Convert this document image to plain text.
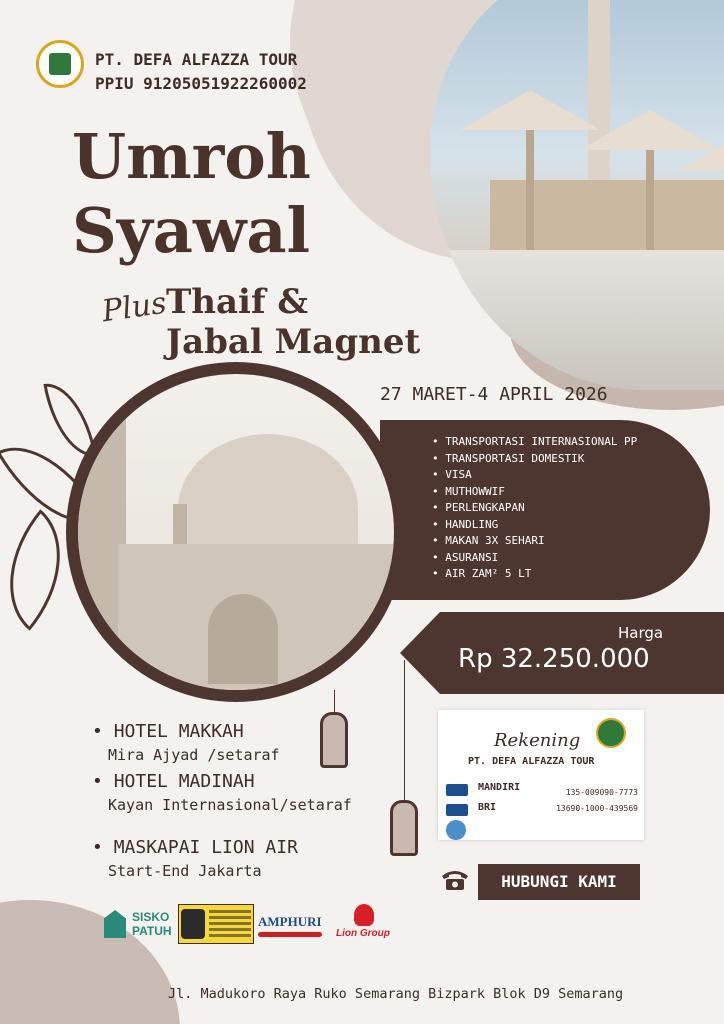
PT. DEFA ALFAZZA TOUR
PPIU 91205051922260002
Umroh
Syawal
Plus
Thaif &
Jabal Magnet
27 MARET-4 APRIL 2026
• TRANSPORTASI INTERNASIONAL PP
• TRANSPORTASI DOMESTIK
• VISA
• MUTHOWWIF
• PERLENGKAPAN
• HANDLING
• MAKAN 3X SEHARI
• ASURANSI
• AIR ZAM² 5 LT
Harga
Rp 32.250.000
• HOTEL MAKKAH
Mira Ajyad /setaraf
• HOTEL MADINAH
Kayan Internasional/setaraf
• MASKAPAI LION AIR
Start-End Jakarta
Rekening
PT. DEFA ALFAZZA TOUR
MANDIRI	135-009090-7773
BRI	13690-1000-439569
HUBUNGI KAMI
SISKO PATUH
AMPHURI
Lion Group
Jl. Madukoro Raya Ruko Semarang Bizpark Blok D9 Semarang
